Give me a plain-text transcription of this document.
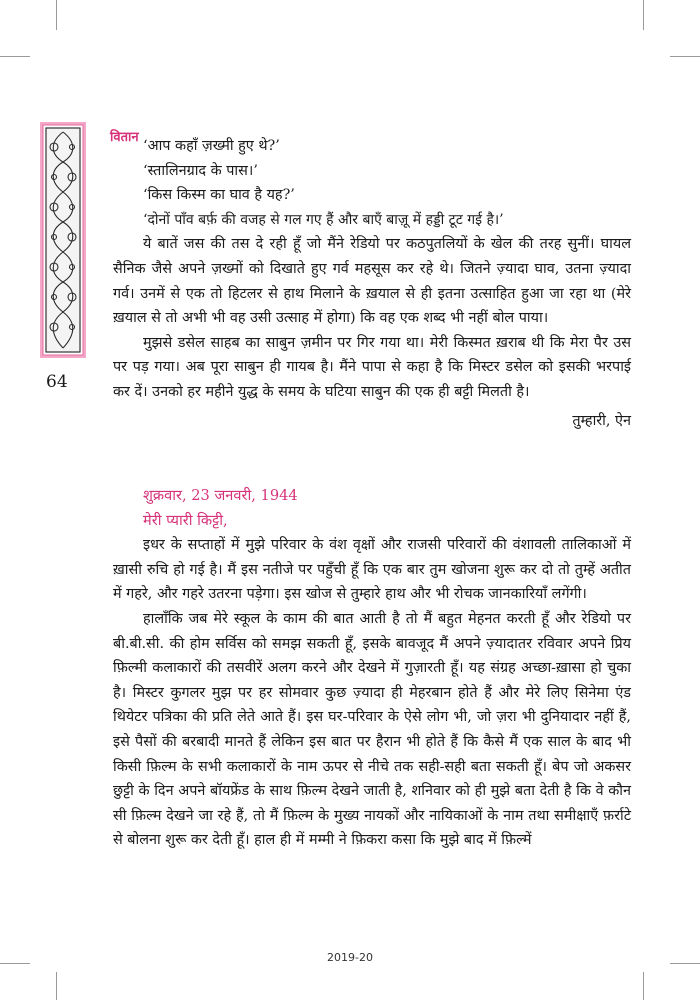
वितान
64

‘आप कहाँ ज़ख्मी हुए थे?’

‘स्तालिनग्राद के पास।’

‘किस किस्म का घाव है यह?’

‘दोनों पाँव बर्फ़ की वजह से गल गए हैं और बाएँ बाज़ू में हड्डी टूट गई है।’

ये बातें जस की तस दे रही हूँ जो मैंने रेडियो पर कठपुतलियों के खेल की तरह सुनीं। घायल सैनिक जैसे अपने ज़ख्मों को दिखाते हुए गर्व महसूस कर रहे थे। जितने ज़्यादा घाव, उतना ज़्यादा गर्व। उनमें से एक तो हिटलर से हाथ मिलाने के ख़याल से ही इतना उत्साहित हुआ जा रहा था (मेरे ख़याल से तो अभी भी वह उसी उत्साह में होगा) कि वह एक शब्द भी नहीं बोल पाया।

मुझसे डसेल साहब का साबुन ज़मीन पर गिर गया था। मेरी किस्मत ख़राब थी कि मेरा पैर उस पर पड़ गया। अब पूरा साबुन ही गायब है। मैंने पापा से कहा है कि मिस्टर डसेल को इसकी भरपाई कर दें। उनको हर महीने युद्ध के समय के घटिया साबुन की एक ही बट्टी मिलती है।

तुम्हारी, ऐन

शुक्रवार, 23 जनवरी, 1944

मेरी प्यारी किट्टी,

इधर के सप्ताहों में मुझे परिवार के वंश वृक्षों और राजसी परिवारों की वंशावली तालिकाओं में ख़ासी रुचि हो गई है। मैं इस नतीजे पर पहुँची हूँ कि एक बार तुम खोजना शुरू कर दो तो तुम्हें अतीत में गहरे, और गहरे उतरना पड़ेगा। इस खोज से तुम्हारे हाथ और भी रोचक जानकारियाँ लगेंगी।

हालाँकि जब मेरे स्कूल के काम की बात आती है तो मैं बहुत मेहनत करती हूँ और रेडियो पर बी.बी.सी. की होम सर्विस को समझ सकती हूँ, इसके बावजूद मैं अपने ज़्यादातर रविवार अपने प्रिय फ़िल्मी कलाकारों की तसवीरें अलग करने और देखने में गुज़ारती हूँ। यह संग्रह अच्छा-ख़ासा हो चुका है। मिस्टर कुगलर मुझ पर हर सोमवार कुछ ज़्यादा ही मेहरबान होते हैं और मेरे लिए सिनेमा एंड थियेटर पत्रिका की प्रति लेते आते हैं। इस घर-परिवार के ऐसे लोग भी, जो ज़रा भी दुनियादार नहीं हैं, इसे पैसों की बरबादी मानते हैं लेकिन इस बात पर हैरान भी होते हैं कि कैसे मैं एक साल के बाद भी किसी फ़िल्म के सभी कलाकारों के नाम ऊपर से नीचे तक सही-सही बता सकती हूँ। बेप जो अकसर छुट्टी के दिन अपने बॉयफ्रेंड के साथ फ़िल्म देखने जाती है, शनिवार को ही मुझे बता देती है कि वे कौन सी फ़िल्म देखने जा रहे हैं, तो मैं फ़िल्म के मुख्य नायकों और नायिकाओं के नाम तथा समीक्षाएँ फ़र्राटे से बोलना शुरू कर देती हूँ। हाल ही में मम्मी ने फ़िकरा कसा कि मुझे बाद में फ़िल्में

2019-20
